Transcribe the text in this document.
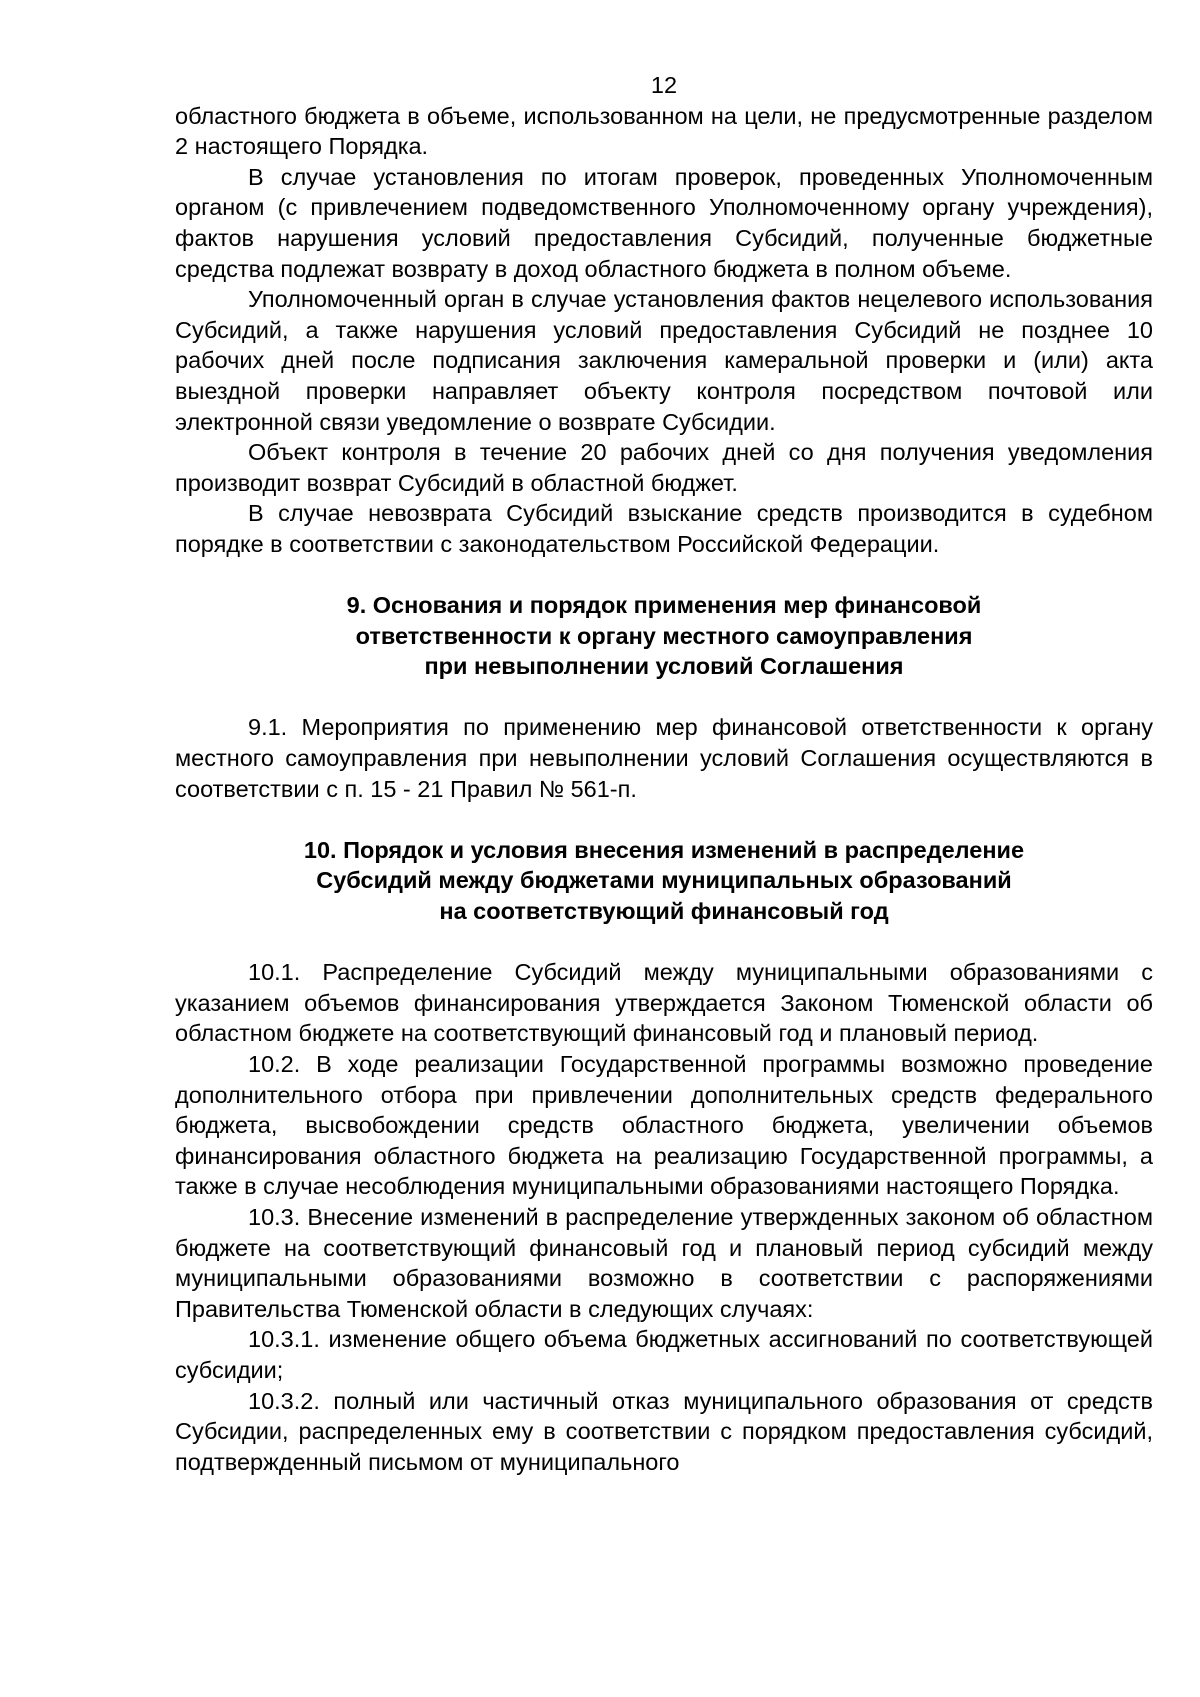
12

областного бюджета в объеме, использованном на цели, не предусмотренные разделом 2 настоящего Порядка.

В случае установления по итогам проверок, проведенных Уполномоченным органом (с привлечением подведомственного Уполномоченному органу учреждения), фактов нарушения условий предоставления Субсидий, полученные бюджетные средства подлежат возврату в доход областного бюджета в полном объеме.

Уполномоченный орган в случае установления фактов нецелевого использования Субсидий, а также нарушения условий предоставления Субсидий не позднее 10 рабочих дней после подписания заключения камеральной проверки и (или) акта выездной проверки направляет объекту контроля посредством почтовой или электронной связи уведомление о возврате Субсидии.

Объект контроля в течение 20 рабочих дней со дня получения уведомления производит возврат Субсидий в областной бюджет.

В случае невозврата Субсидий взыскание средств производится в судебном порядке в соответствии с законодательством Российской Федерации.

9. Основания и порядок применения мер финансовой
ответственности к органу местного самоуправления
при невыполнении условий Соглашения

9.1. Мероприятия по применению мер финансовой ответственности к органу местного самоуправления при невыполнении условий Соглашения осуществляются в соответствии с п. 15 - 21 Правил № 561-п.

10. Порядок и условия внесения изменений в распределение
Субсидий между бюджетами муниципальных образований
на соответствующий финансовый год

10.1. Распределение Субсидий между муниципальными образованиями с указанием объемов финансирования утверждается Законом Тюменской области об областном бюджете на соответствующий финансовый год и плановый период.

10.2. В ходе реализации Государственной программы возможно проведение дополнительного отбора при привлечении дополнительных средств федерального бюджета, высвобождении средств областного бюджета, увеличении объемов финансирования областного бюджета на реализацию Государственной программы, а также в случае несоблюдения муниципальными образованиями настоящего Порядка.

10.3. Внесение изменений в распределение утвержденных законом об областном бюджете на соответствующий финансовый год и плановый период субсидий между муниципальными образованиями возможно в соответствии с распоряжениями Правительства Тюменской области в следующих случаях:

10.3.1. изменение общего объема бюджетных ассигнований по соответствующей субсидии;

10.3.2. полный или частичный отказ муниципального образования от средств Субсидии, распределенных ему в соответствии с порядком предоставления субсидий, подтвержденный письмом от муниципального
